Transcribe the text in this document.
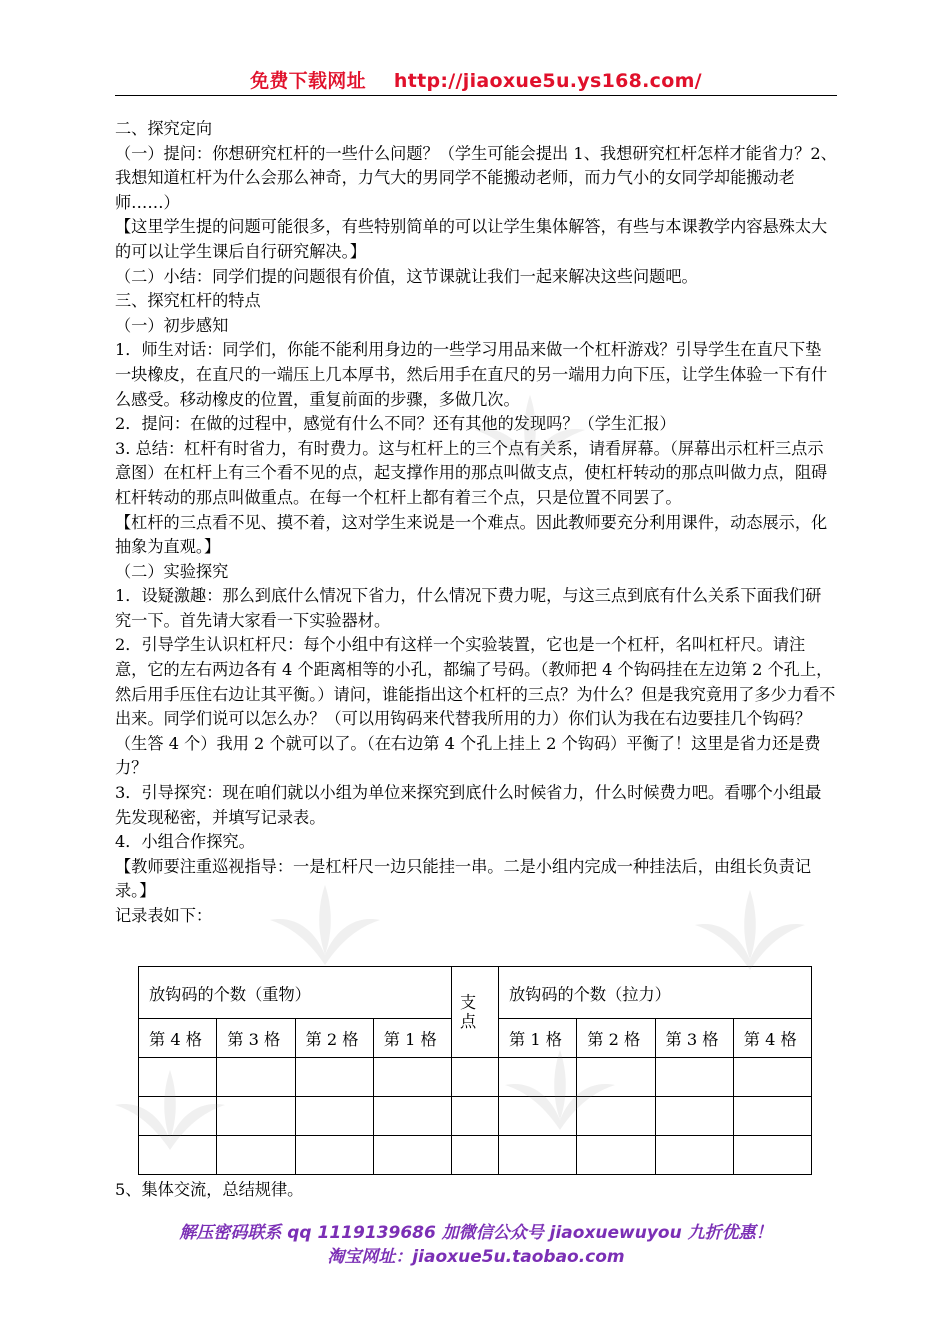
免费下载网址 http://jiaoxue5u.ys168.com/

二、探究定向

（一）提问：你想研究杠杆的一些什么问题？（学生可能会提出 1、我想研究杠杆怎样才能省力？2、我想知道杠杆为什么会那么神奇，力气大的男同学不能搬动老师，而力气小的女同学却能搬动老师……）

【这里学生提的问题可能很多，有些特别简单的可以让学生集体解答，有些与本课教学内容悬殊太大的可以让学生课后自行研究解决。】

（二）小结：同学们提的问题很有价值，这节课就让我们一起来解决这些问题吧。

三、探究杠杆的特点

（一）初步感知

1．师生对话：同学们，你能不能利用身边的一些学习用品来做一个杠杆游戏？引导学生在直尺下垫一块橡皮，在直尺的一端压上几本厚书，然后用手在直尺的另一端用力向下压，让学生体验一下有什么感受。移动橡皮的位置，重复前面的步骤，多做几次。

2．提问：在做的过程中，感觉有什么不同？还有其他的发现吗？（学生汇报）

3. 总结：杠杆有时省力，有时费力。这与杠杆上的三个点有关系，请看屏幕。（屏幕出示杠杆三点示意图）在杠杆上有三个看不见的点，起支撑作用的那点叫做支点，使杠杆转动的那点叫做力点，阻碍杠杆转动的那点叫做重点。在每一个杠杆上都有着三个点，只是位置不同罢了。

【杠杆的三点看不见、摸不着，这对学生来说是一个难点。因此教师要充分利用课件，动态展示，化抽象为直观。】

（二）实验探究

1．设疑激趣：那么到底什么情况下省力，什么情况下费力呢，与这三点到底有什么关系下面我们研究一下。首先请大家看一下实验器材。

2．引导学生认识杠杆尺：每个小组中有这样一个实验装置，它也是一个杠杆，名叫杠杆尺。请注意，它的左右两边各有 4 个距离相等的小孔，都编了号码。（教师把 4 个钩码挂在左边第 2 个孔上，然后用手压住右边让其平衡。）请问，谁能指出这个杠杆的三点？为什么？但是我究竟用了多少力看不出来。同学们说可以怎么办？（可以用钩码来代替我所用的力）你们认为我在右边要挂几个钩码？（生答 4 个）我用 2 个就可以了。（在右边第 4 个孔上挂上 2 个钩码）平衡了！这里是省力还是费力？

3．引导探究：现在咱们就以小组为单位来探究到底什么时候省力，什么时候费力吧。看哪个小组最先发现秘密，并填写记录表。

4．小组合作探究。

【教师要注重巡视指导：一是杠杆尺一边只能挂一串。二是小组内完成一种挂法后，由组长负责记录。】

记录表如下：

放钩码的个数（重物）				支点	放钩码的个数（拉力）			
第 4 格	第 3 格	第 2 格	第 1 格		第 1 格	第 2 格	第 3 格	第 4 格

5、集体交流，总结规律。
解压密码联系 qq 1119139686 加微信公众号 jiaoxuewuyou 九折优惠！
淘宝网址：jiaoxue5u.taobao.com
